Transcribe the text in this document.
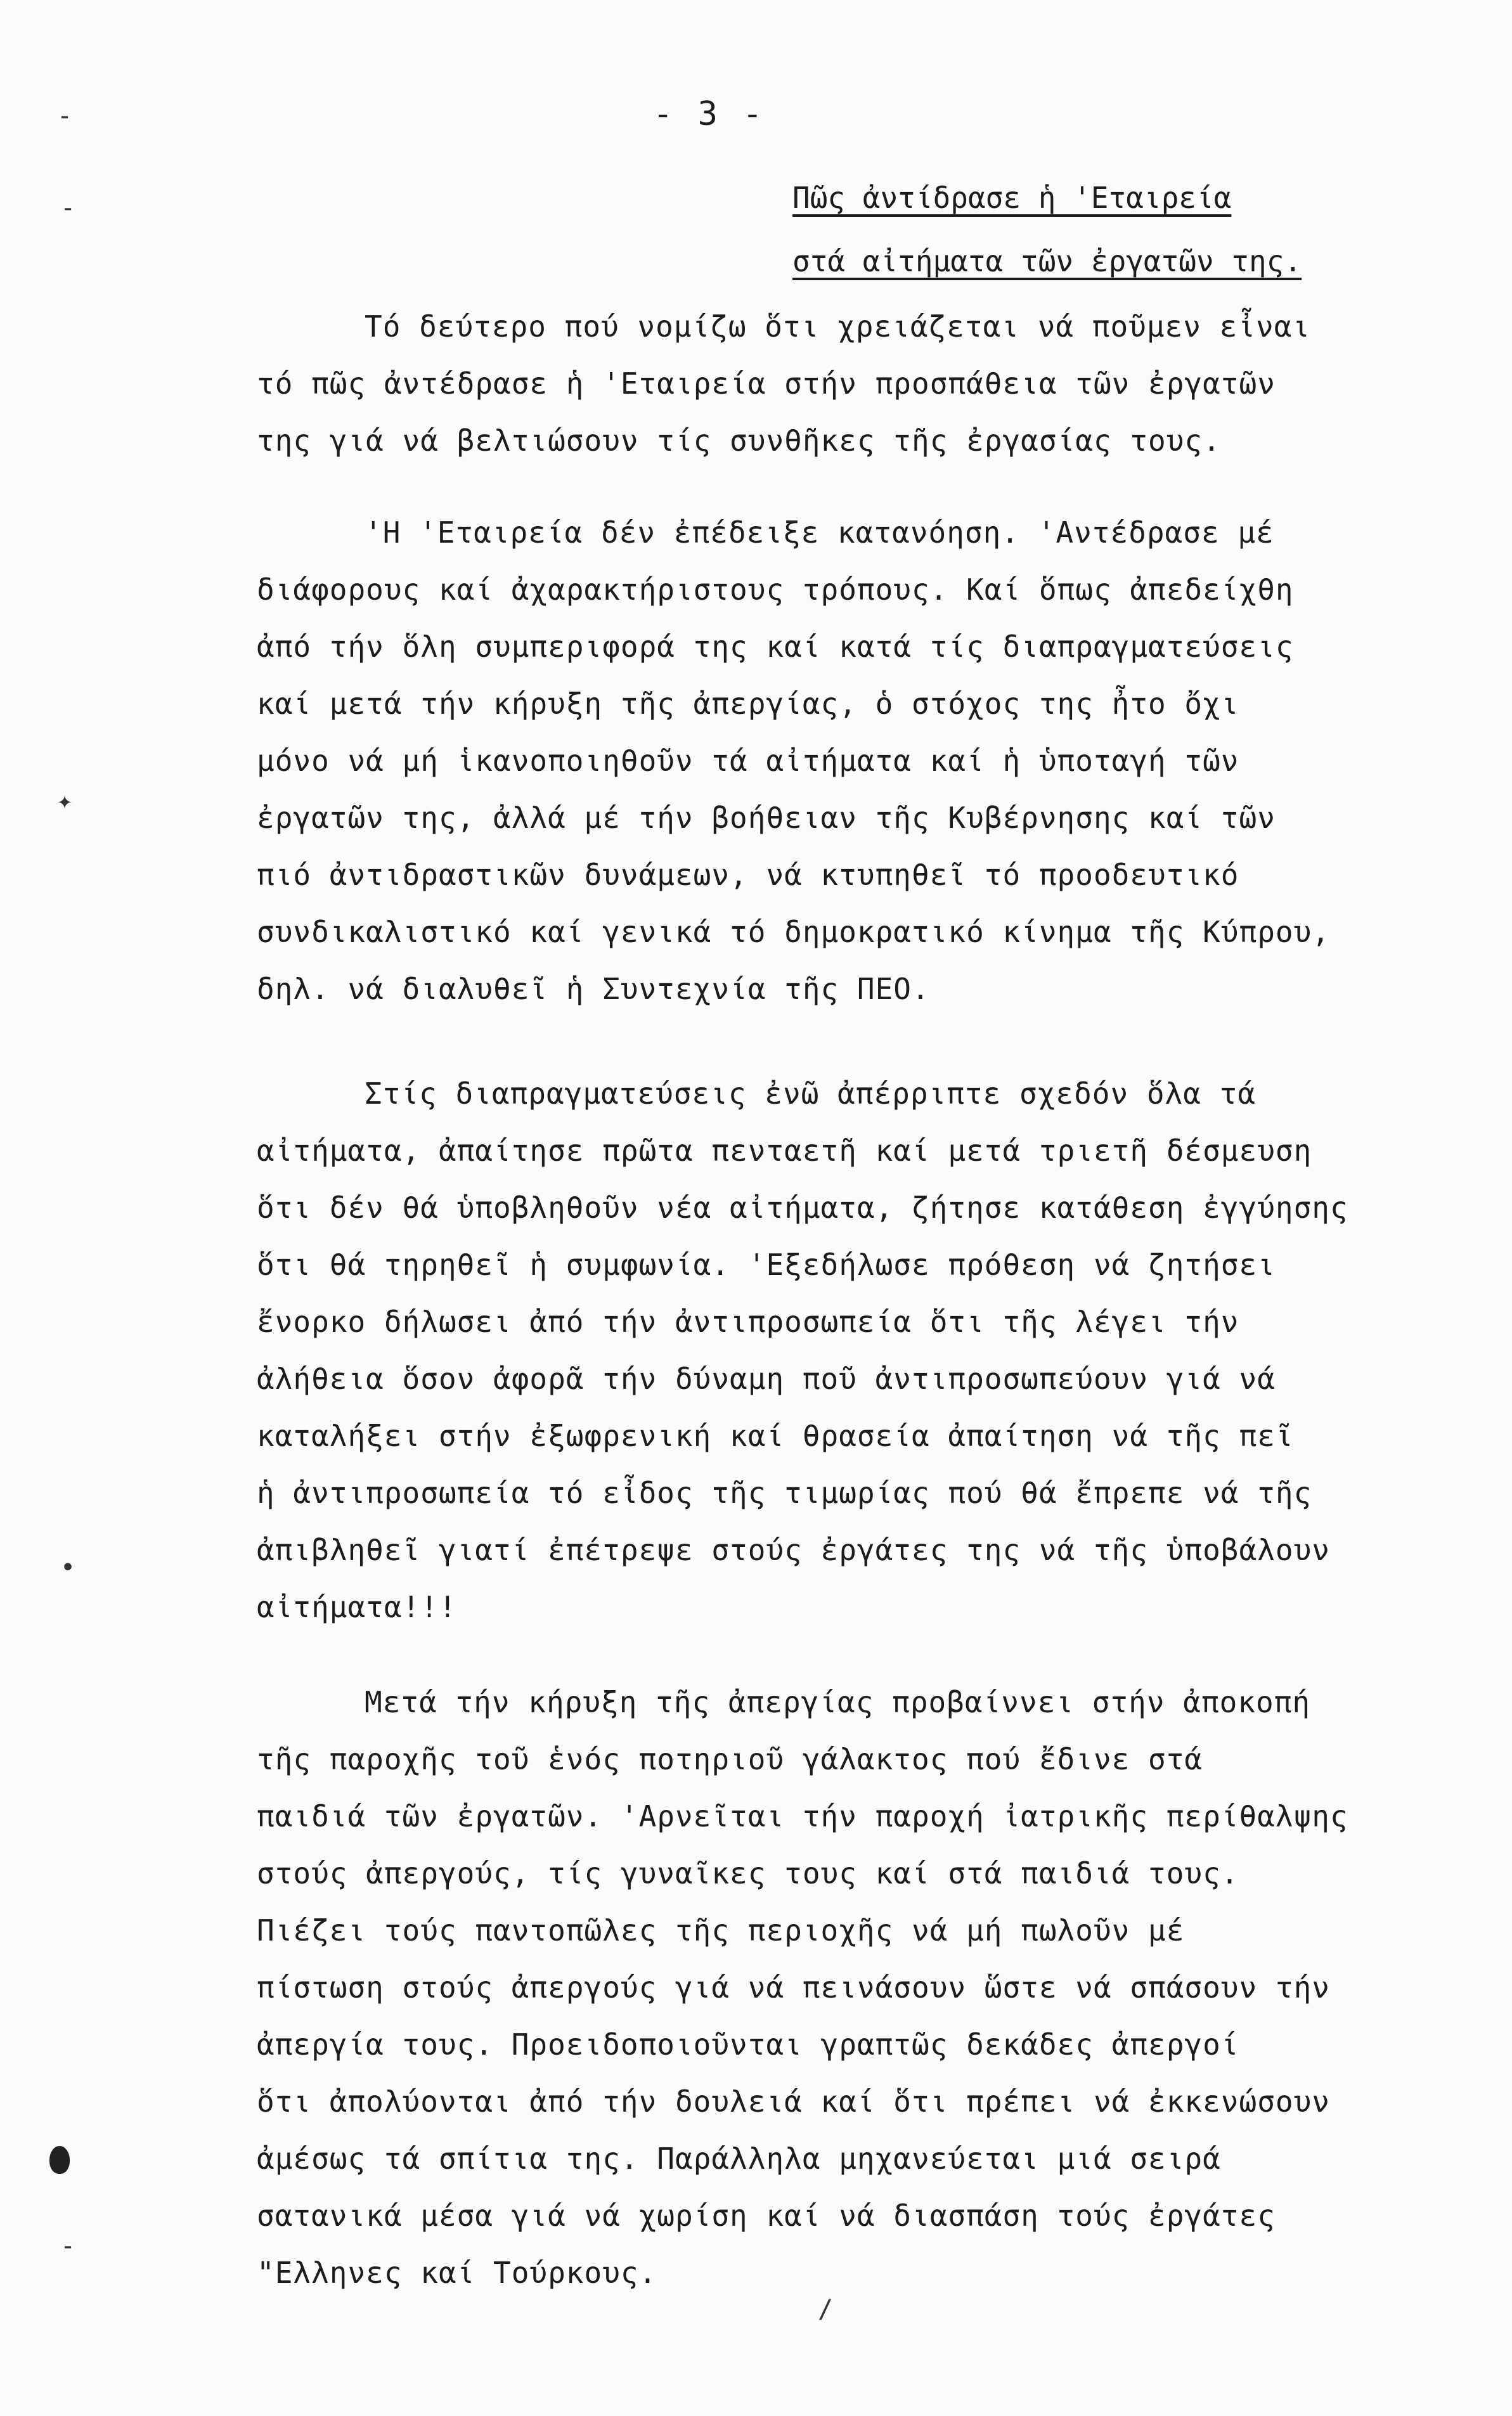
- 3 -
Πῶς ἀντίδρασε ἡ 'Εταιρεία
στά αἰτήματα τῶν ἐργατῶν της.
Τό δεύτερο πού νομίζω ὅτι χρειάζεται νά ποῦμεν εἶναι
τό πῶς ἀντέδρασε ἡ 'Εταιρεία στήν προσπάθεια τῶν ἐργατῶν
της γιά νά βελτιώσουν τίς συνθῆκες τῆς ἐργασίας τους.
'Η 'Εταιρεία δέν ἐπέδειξε κατανόηση. 'Αντέδρασε μέ
διάφορους καί ἀχαρακτήριστους τρόπους. Καί ὅπως ἀπεδείχθη
ἀπό τήν ὅλη συμπεριφορά της καί κατά τίς διαπραγματεύσεις
καί μετά τήν κήρυξη τῆς ἀπεργίας, ὁ στόχος της ἦτο ὄχι
μόνο νά μή ἱκανοποιηθοῦν τά αἰτήματα καί ἡ ὑποταγή τῶν
ἐργατῶν της, ἀλλά μέ τήν βοήθειαν τῆς Κυβέρνησης καί τῶν
πιό ἀντιδραστικῶν δυνάμεων, νά κτυπηθεῖ τό προοδευτικό
συνδικαλιστικό καί γενικά τό δημοκρατικό κίνημα τῆς Κύπρου,
δηλ. νά διαλυθεῖ ἡ Συντεχνία τῆς ΠΕΟ.
Στίς διαπραγματεύσεις ἐνῶ ἀπέρριπτε σχεδόν ὅλα τά
αἰτήματα, ἀπαίτησε πρῶτα πενταετῆ καί μετά τριετῆ δέσμευση
ὅτι δέν θά ὑποβληθοῦν νέα αἰτήματα, ζήτησε κατάθεση ἐγγύησης
ὅτι θά τηρηθεῖ ἡ συμφωνία. 'Εξεδήλωσε πρόθεση νά ζητήσει
ἔνορκο δήλωσει ἀπό τήν ἀντιπροσωπεία ὅτι τῆς λέγει τήν
ἀλήθεια ὅσον ἀφορᾶ τήν δύναμη ποῦ ἀντιπροσωπεύουν γιά νά
καταλήξει στήν ἐξωφρενική καί θρασεία ἀπαίτηση νά τῆς πεῖ
ἡ ἀντιπροσωπεία τό εἶδος τῆς τιμωρίας πού θά ἔπρεπε νά τῆς
ἀπιβληθεῖ γιατί ἐπέτρεψε στούς ἐργάτες της νά τῆς ὑποβάλουν
αἰτήματα!!!
Μετά τήν κήρυξη τῆς ἀπεργίας προβαίννει στήν ἀποκοπή
τῆς παροχῆς τοῦ ἑνός ποτηριοῦ γάλακτος πού ἔδινε στά
παιδιά τῶν ἐργατῶν. 'Αρνεῖται τήν παροχή ἰατρικῆς περίθαλψης
στούς ἀπεργούς, τίς γυναῖκες τους καί στά παιδιά τους.
Πιέζει τούς παντοπῶλες τῆς περιοχῆς νά μή πωλοῦν μέ
πίστωση στούς ἀπεργούς γιά νά πεινάσουν ὥστε νά σπάσουν τήν
ἀπεργία τους. Προειδοποιοῦνται γραπτῶς δεκάδες ἀπεργοί
ὅτι ἀπολύονται ἀπό τήν δουλειά καί ὅτι πρέπει νά ἐκκενώσουν
ἀμέσως τά σπίτια της. Παράλληλα μηχανεύεται μιά σειρά
σατανικά μέσα γιά νά χωρίση καί νά διασπάση τούς ἐργάτες
"Ελληνες καί Τούρκους.
-
-
✦
•
-
/
